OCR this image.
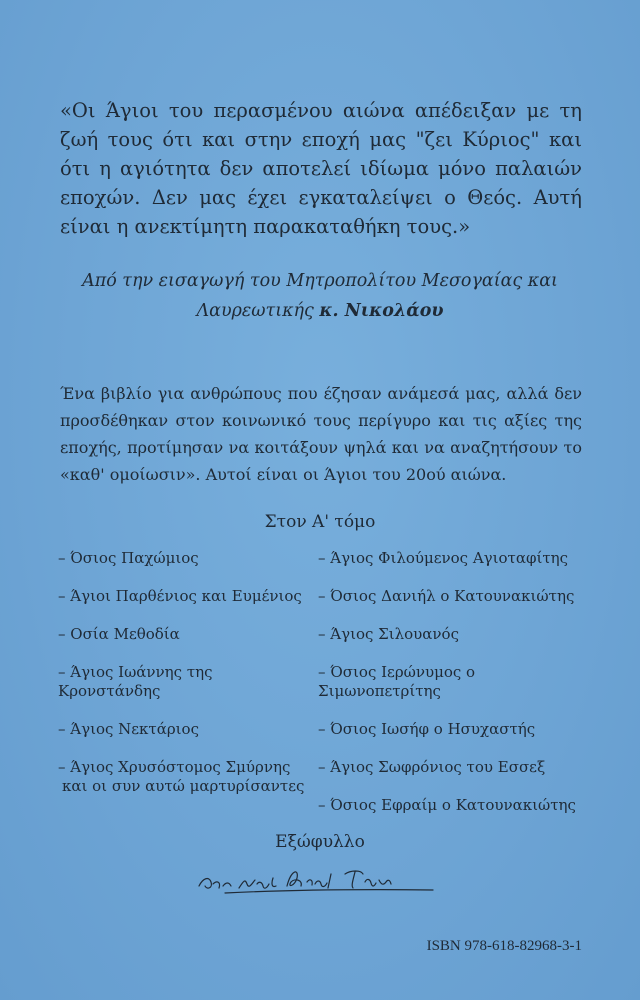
«Οι Άγιοι του περασμένου αιώνα απέδειξαν με τη ζωή τους ότι και στην εποχή μας "ζει Κύριος" και ότι η αγιότητα δεν αποτελεί ιδίωμα μόνο παλαιών εποχών. Δεν μας έχει εγκαταλείψει ο Θεός. Αυτή είναι η ανεκτίμητη παρακαταθήκη τους.»
Από την εισαγωγή του Μητροπολίτου Μεσογαίας και
Λαυρεωτικής κ. Νικολάου
Ένα βιβλίο για ανθρώπους που έζησαν ανάμεσά μας, αλλά δεν προσδέθηκαν στον κοινωνικό τους περίγυρο και τις αξίες της εποχής, προτίμησαν να κοιτάξουν ψηλά και να αναζητήσουν το «καθ' ομοίωσιν». Αυτοί είναι οι Άγιοι του 20ού αιώνα.
Στον Α' τόμο
– Όσιος Παχώμιος
– Άγιοι Παρθένιος και Ευμένιος
– Οσία Μεθοδία
– Άγιος Ιωάννης της Κρονστάνδης
– Άγιος Νεκτάριος
– Άγιος Χρυσόστομος Σμύρνης
και οι συν αυτώ μαρτυρίσαντες
– Άγιος Φιλούμενος Αγιοταφίτης
– Όσιος Δανιήλ ο Κατουνακιώτης
– Άγιος Σιλουανός
– Όσιος Ιερώνυμος ο Σιμωνοπετρίτης
– Όσιος Ιωσήφ ο Ησυχαστής
– Άγιος Σωφρόνιος του Εσσεξ
– Όσιος Εφραίμ ο Κατουνακιώτης
Εξώφυλλο
ISBN 978-618-82968-3-1
